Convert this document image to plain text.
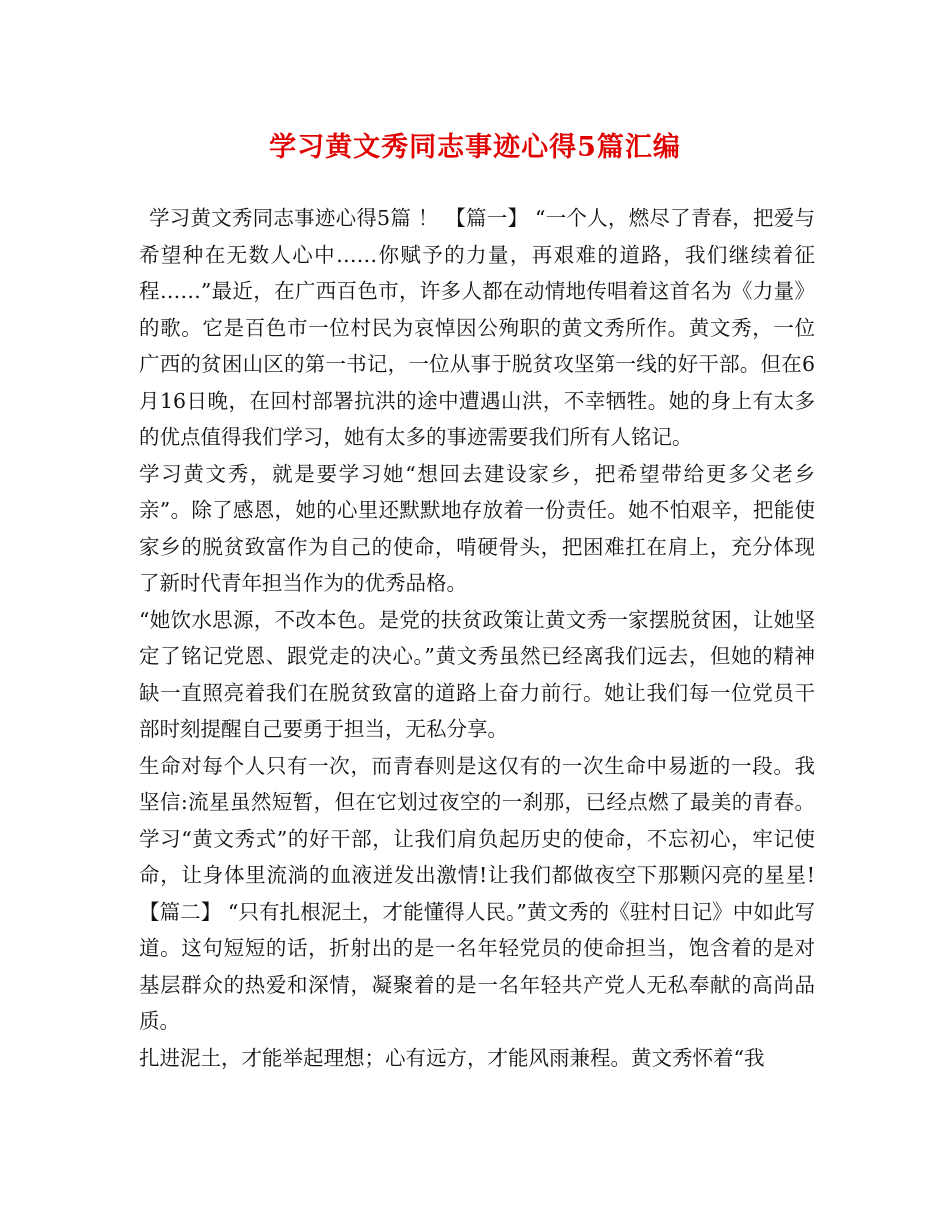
学习黄文秀同志事迹心得5篇汇编

学习黄文秀同志事迹心得5篇 ！ 【篇一】 “一个人，燃尽了青春，把爱与希望种在无数人心中……你赋予的力量，再艰难的道路，我们继续着征程……”最近，在广西百色市，许多人都在动情地传唱着这首名为《力量》的歌。它是百色市一位村民为哀悼因公殉职的黄文秀所作。黄文秀，一位广西的贫困山区的第一书记，一位从事于脱贫攻坚第一线的好干部。但在6月16日晚，在回村部署抗洪的途中遭遇山洪，不幸牺牲。她的身上有太多的优点值得我们学习，她有太多的事迹需要我们所有人铭记。

学习黄文秀，就是要学习她“想回去建设家乡，把希望带给更多父老乡亲”。除了感恩，她的心里还默默地存放着一份责任。她不怕艰辛，把能使家乡的脱贫致富作为自己的使命，啃硬骨头，把困难扛在肩上，充分体现了新时代青年担当作为的优秀品格。

“她饮水思源，不改本色。是党的扶贫政策让黄文秀一家摆脱贫困，让她坚定了铭记党恩、跟党走的决心。”黄文秀虽然已经离我们远去，但她的精神缺一直照亮着我们在脱贫致富的道路上奋力前行。她让我们每一位党员干部时刻提醒自己要勇于担当，无私分享。

生命对每个人只有一次，而青春则是这仅有的一次生命中易逝的一段。我坚信:流星虽然短暂，但在它划过夜空的一刹那，已经点燃了最美的青春。学习“黄文秀式”的好干部，让我们肩负起历史的使命，不忘初心，牢记使命，让身体里流淌的血液迸发出激情!让我们都做夜空下那颗闪亮的星星! 【篇二】 “只有扎根泥土，才能懂得人民。”黄文秀的《驻村日记》中如此写道。这句短短的话，折射出的是一名年轻党员的使命担当，饱含着的是对基层群众的热爱和深情，凝聚着的是一名年轻共产党人无私奉献的高尚品质。

扎进泥土，才能举起理想；心有远方，才能风雨兼程。黄文秀怀着“我
